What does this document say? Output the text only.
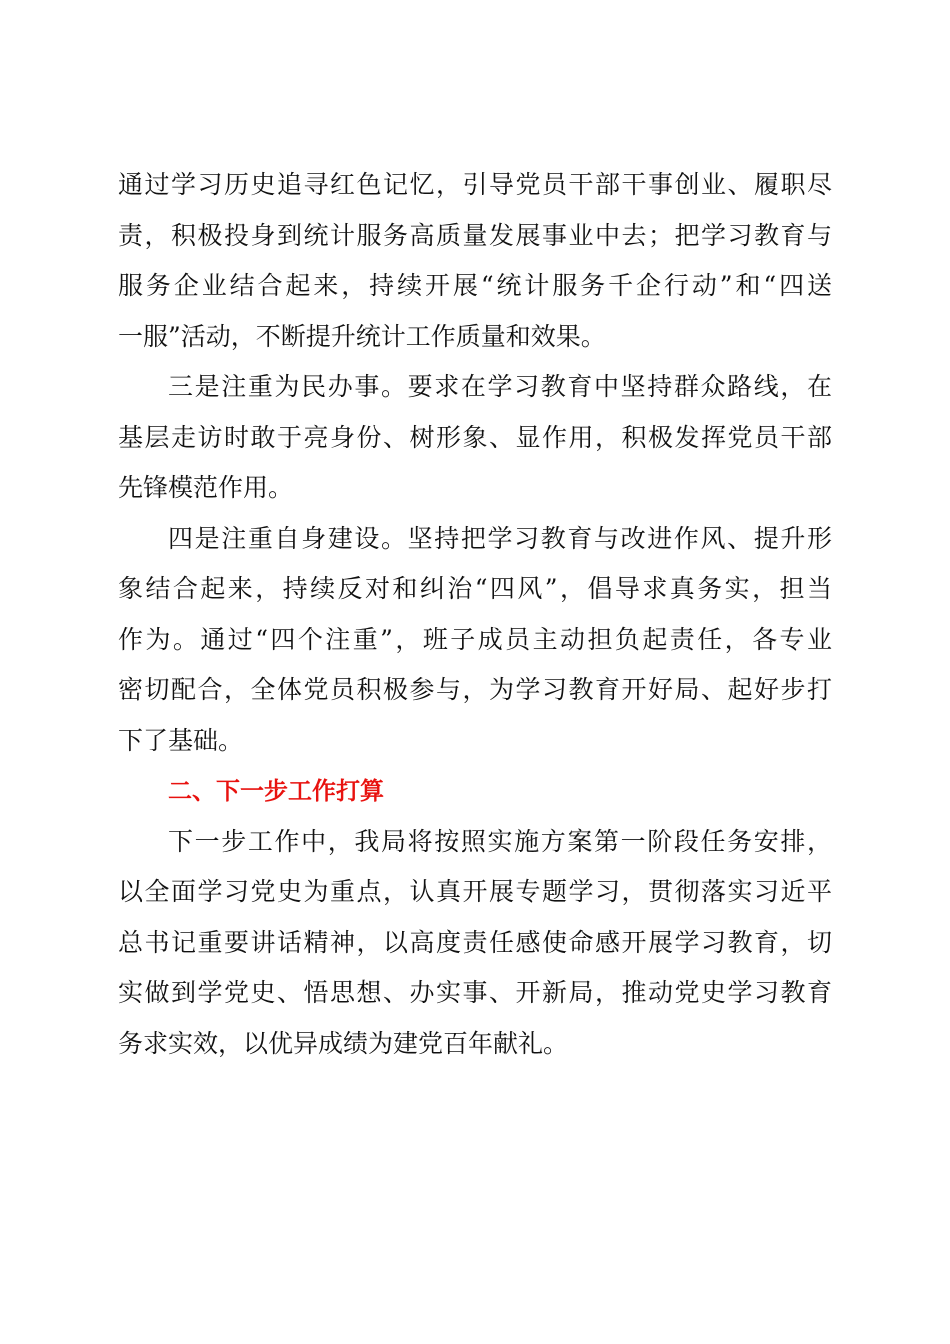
通过学习历史追寻红色记忆，引导党员干部干事创业、履职尽
责，积极投身到统计服务高质量发展事业中去；把学习教育与
服务企业结合起来，持续开展“统计服务千企行动”和“四送
一服”活动，不断提升统计工作质量和效果。
三是注重为民办事。要求在学习教育中坚持群众路线，在
基层走访时敢于亮身份、树形象、显作用，积极发挥党员干部
先锋模范作用。
四是注重自身建设。坚持把学习教育与改进作风、提升形
象结合起来，持续反对和纠治“四风”，倡导求真务实，担当
作为。通过“四个注重”，班子成员主动担负起责任，各专业
密切配合，全体党员积极参与，为学习教育开好局、起好步打
下了基础。
二、下一步工作打算
下一步工作中，我局将按照实施方案第一阶段任务安排，
以全面学习党史为重点，认真开展专题学习，贯彻落实习近平
总书记重要讲话精神，以高度责任感使命感开展学习教育，切
实做到学党史、悟思想、办实事、开新局，推动党史学习教育
务求实效，以优异成绩为建党百年献礼。
